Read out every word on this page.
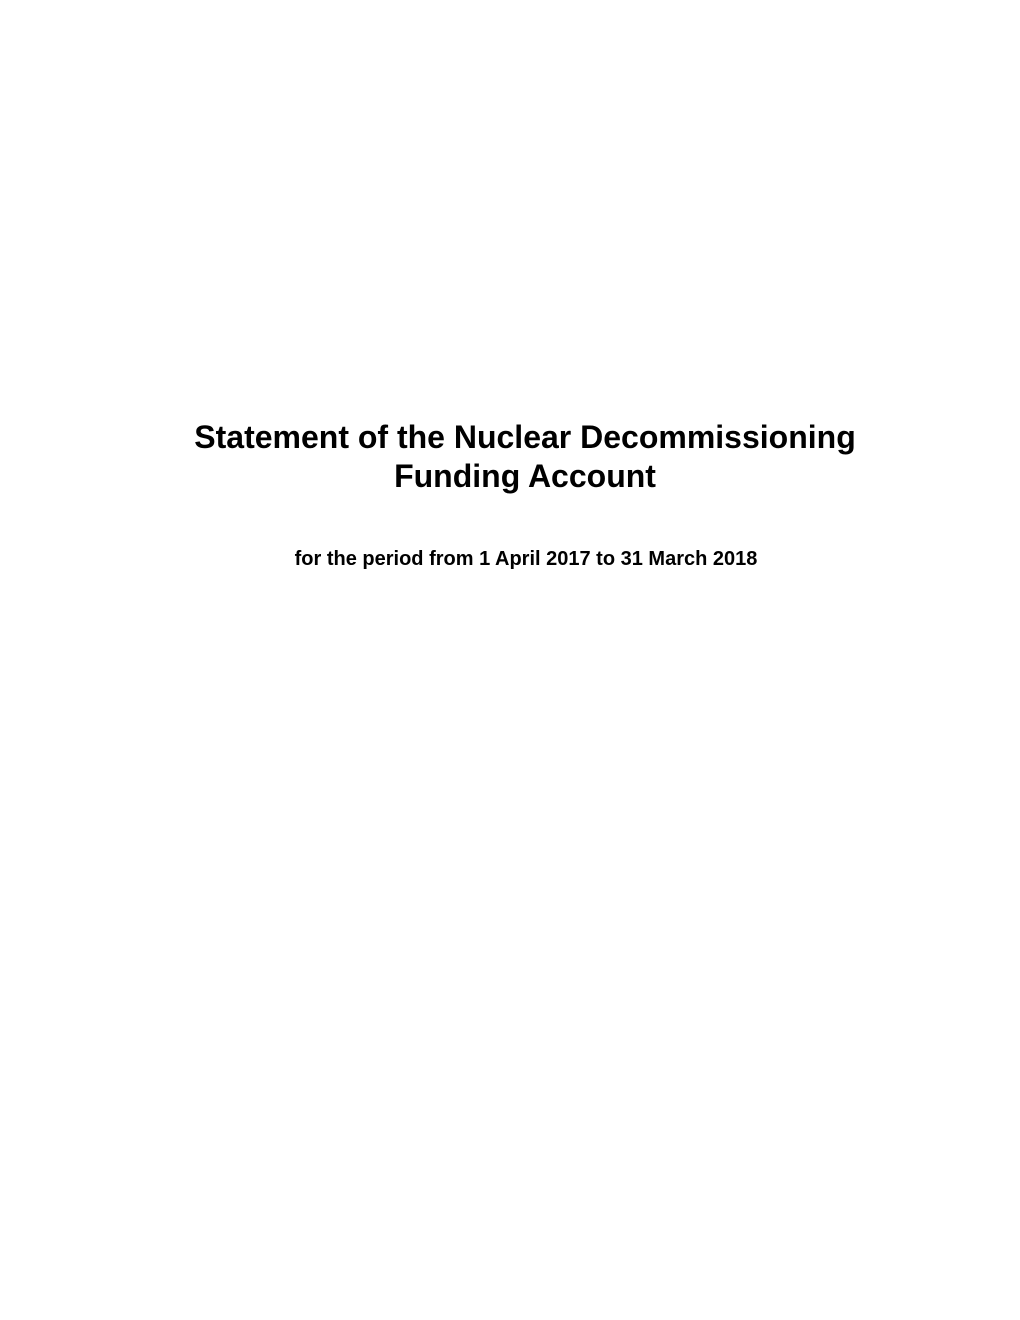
Statement of the Nuclear Decommissioning
Funding Account

for the period from 1 April 2017 to 31 March 2018
